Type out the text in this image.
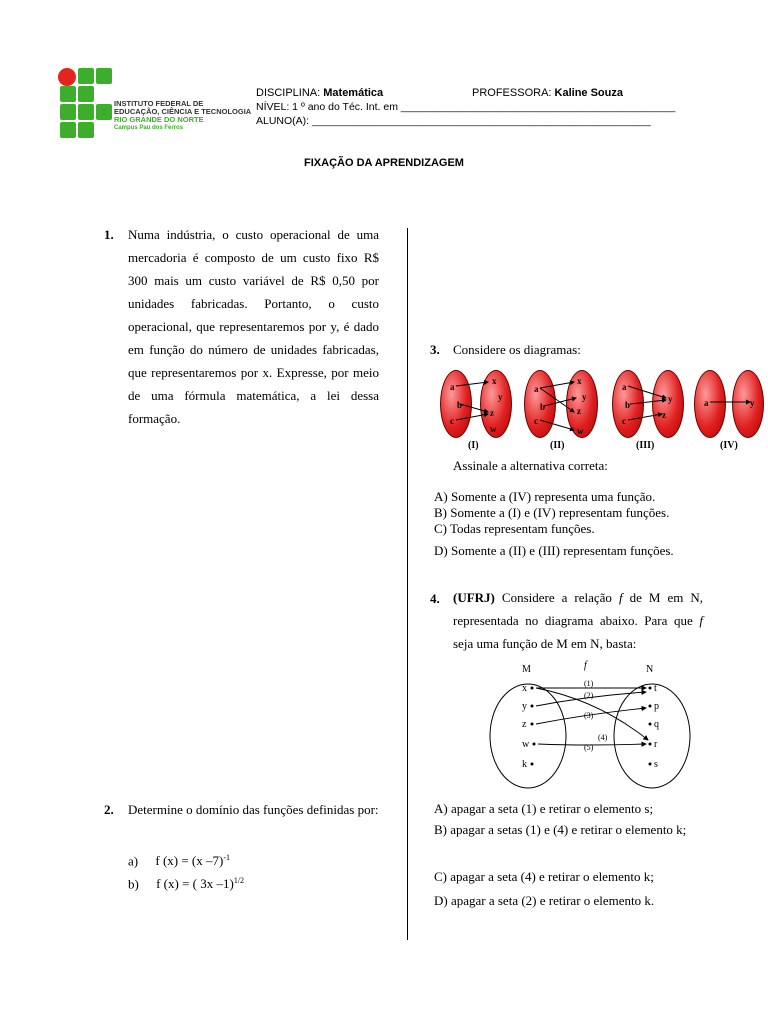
INSTITUTO FEDERAL DE
EDUCAÇÃO, CIÊNCIA E TECNOLOGIA
RIO GRANDE DO NORTE
Campus Pau dos Ferros
DISCIPLINA: Matemática	PROFESSORA: Kaline Souza
NÍVEL: 1 º ano do Téc. Int. em _______________________________________________
ALUNO(A): __________________________________________________________
FIXAÇÃO DA APRENDIZAGEM
1. Numa indústria, o custo operacional de uma mercadoria é composto de um custo fixo R$ 300 mais um custo variável de R$ 0,50 por unidades fabricadas. Portanto, o custo operacional, que representaremos por y, é dado em função do número de unidades fabricadas, que representaremos por x. Expresse, por meio de uma fórmula matemática, a lei dessa formação.
2. Determine o domínio das funções definidas por:
a) f (x) = (x –7)$^{-1}$
b) f (x) = ( 3x –1)$^{1/2}$
3. Considere os diagramas:
a
b
c
x
y
z
w
a
b
c
x
y
z
w
a
b
c
y
z
a	y
(I)	(II)	(III)	(IV)
Assinale a alternativa correta:
A) Somente a (IV) representa uma função.
B) Somente a (I) e (IV) representam funções.
C) Todas representam funções.
D) Somente a (II) e (III) representam funções.
4. (UFRJ) Considere a relação f de M em N, representada no diagrama abaixo. Para que f seja uma função de M em N, basta:
M	N
f
x
y
z
w
k
t
p
q
r
s
(1)
(2)
(3)
(4)
(5)
A) apagar a seta (1) e retirar o elemento s;
B) apagar a setas (1) e (4) e retirar o elemento k;
C) apagar a seta (4) e retirar o elemento k;
D) apagar a seta (2) e retirar o elemento k.
